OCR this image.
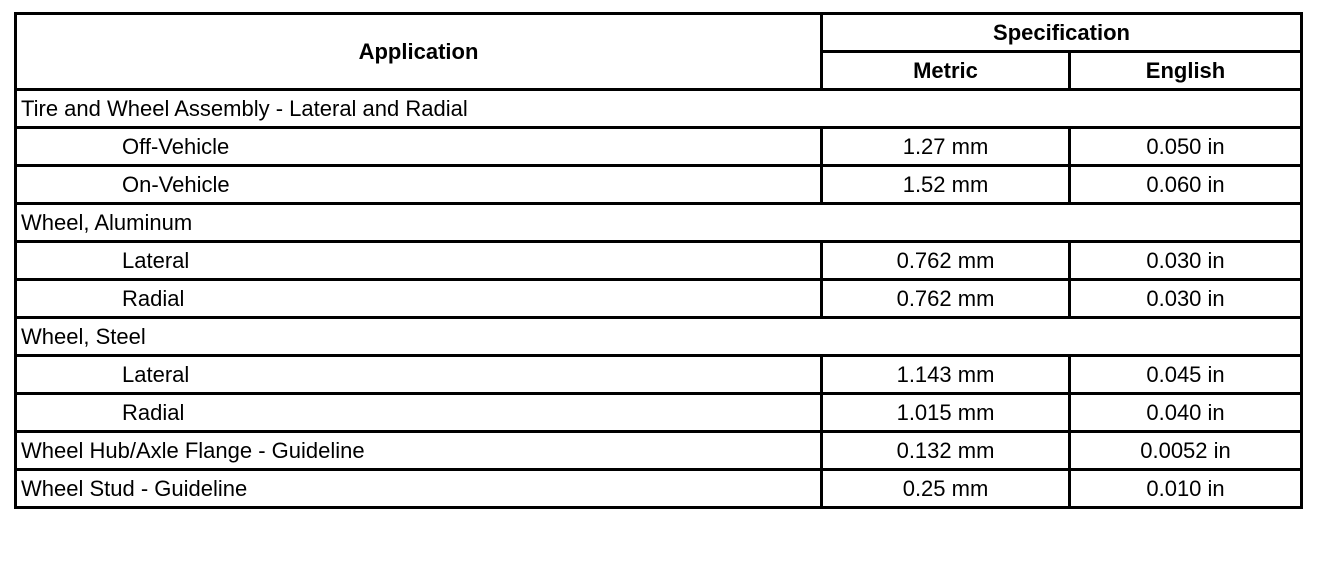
Application	Specification	
	Metric	English
Tire and Wheel Assembly - Lateral and Radial		
Off-Vehicle	1.27 mm	0.050 in
On-Vehicle	1.52 mm	0.060 in
Wheel, Aluminum		
Lateral	0.762 mm	0.030 in
Radial	0.762 mm	0.030 in
Wheel, Steel		
Lateral	1.143 mm	0.045 in
Radial	1.015 mm	0.040 in
Wheel Hub/Axle Flange - Guideline	0.132 mm	0.0052 in
Wheel Stud - Guideline	0.25 mm	0.010 in
